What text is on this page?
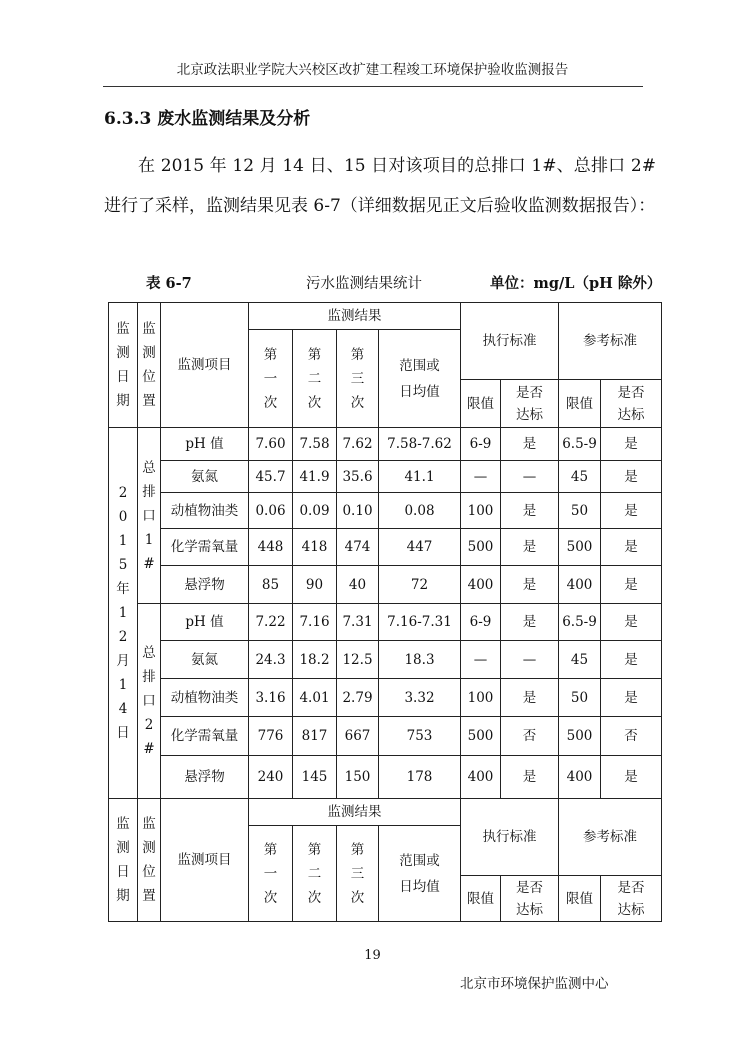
北京政法职业学院大兴校区改扩建工程竣工环境保护验收监测报告
6.3.3 废水监测结果及分析
在 2015 年 12 月 14 日、15 日对该项目的总排口 1#、总排口 2# 进行了采样，监测结果见表 6-7（详细数据见正文后验收监测数据报告）：
表 6-7	污水监测结果统计	单位：mg/L（pH 除外）
监测日期	监测位置	监测项目	监测结果				执行标准		参考标准	
			第一次	第二次	第三次	范围或日均值				
							限值	是否达标	限值	是否达标
2015年12月14日	总排口1#	pH 值	7.60	7.58	7.62	7.58-7.62	6-9	是	6.5-9	是
		氨氮	45.7	41.9	35.6	41.1	—	—	45	是
		动植物油类	0.06	0.09	0.10	0.08	100	是	50	是
		化学需氧量	448	418	474	447	500	是	500	是
		悬浮物	85	90	40	72	400	是	400	是
	总排口2#	pH 值	7.22	7.16	7.31	7.16-7.31	6-9	是	6.5-9	是
		氨氮	24.3	18.2	12.5	18.3	—	—	45	是
		动植物油类	3.16	4.01	2.79	3.32	100	是	50	是
		化学需氧量	776	817	667	753	500	否	500	否
		悬浮物	240	145	150	178	400	是	400	是
监测日期	监测位置	监测项目	监测结果				执行标准		参考标准	
			第一次	第二次	第三次	范围或日均值				
							限值	是否达标	限值	是否达标
19
北京市环境保护监测中心
